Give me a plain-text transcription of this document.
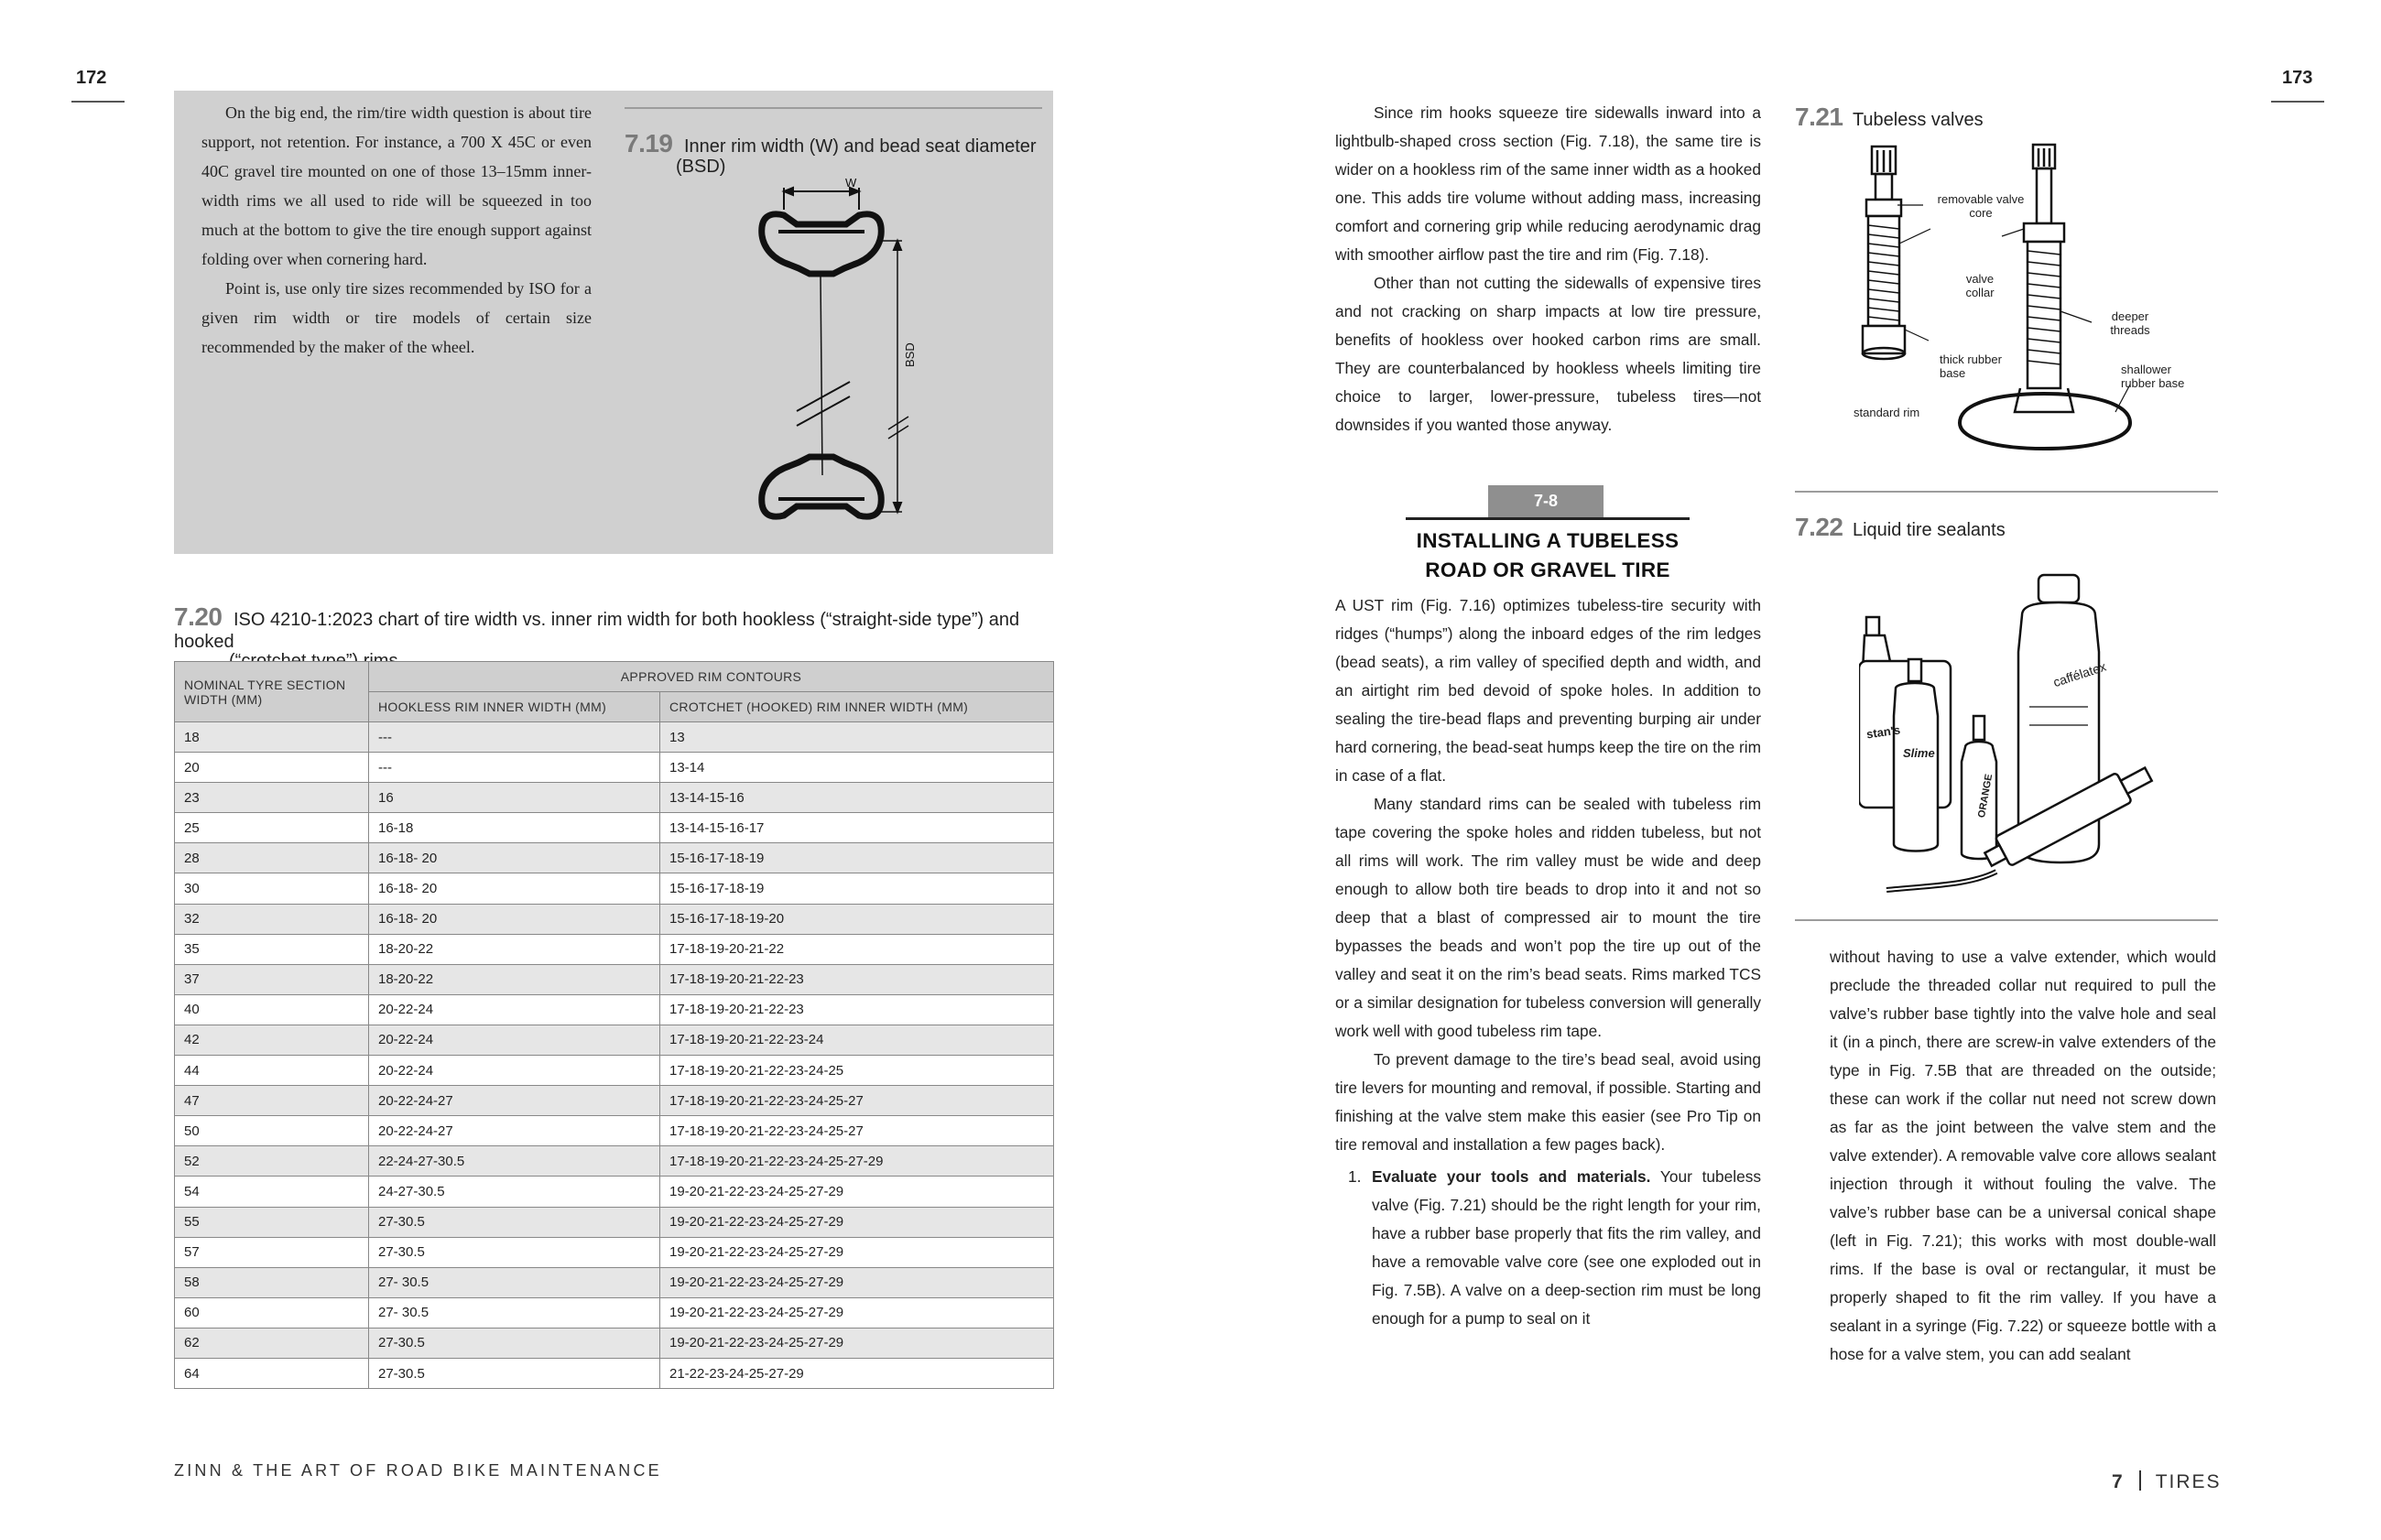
172

On the big end, the rim/tire width question is about tire support, not retention. For instance, a 700 X 45C or even 40C gravel tire mounted on one of those 13–15mm inner-width rims we all used to ride will be squeezed in too much at the bottom to give the tire enough support against folding over when cornering hard.

Point is, use only tire sizes recommended by ISO for a given rim width or tire models of certain size recommended by the maker of the wheel.

7.19 Inner rim width (W) and bead seat diameter
(BSD)
W
BSD
7.20 ISO 4210-1:2023 chart of tire width vs. inner rim width for both hookless (“straight-side type”) and hooked
NOMINAL TYRE SECTION
WIDTH (MM)	APPROVED RIM CONTOURS	
	HOOKLESS RIM INNER WIDTH (MM)	CROTCHET (HOOKED) RIM INNER WIDTH (MM)
18	---	13
20	---	13-14
23	16	13-14-15-16
25	16-18	13-14-15-16-17
28	16-18- 20	15-16-17-18-19
30	16-18- 20	15-16-17-18-19
32	16-18- 20	15-16-17-18-19-20
35	18-20-22	17-18-19-20-21-22
37	18-20-22	17-18-19-20-21-22-23
40	20-22-24	17-18-19-20-21-22-23
42	20-22-24	17-18-19-20-21-22-23-24
44	20-22-24	17-18-19-20-21-22-23-24-25
47	20-22-24-27	17-18-19-20-21-22-23-24-25-27
50	20-22-24-27	17-18-19-20-21-22-23-24-25-27
52	22-24-27-30.5	17-18-19-20-21-22-23-24-25-27-29
54	24-27-30.5	19-20-21-22-23-24-25-27-29
55	27-30.5	19-20-21-22-23-24-25-27-29
57	27-30.5	19-20-21-22-23-24-25-27-29
58	27- 30.5	19-20-21-22-23-24-25-27-29
60	27- 30.5	19-20-21-22-23-24-25-27-29
62	27-30.5	19-20-21-22-23-24-25-27-29
64	27-30.5	21-22-23-24-25-27-29
ZINN & THE ART OF ROAD BIKE MAINTENANCE
173

Since rim hooks squeeze tire sidewalls inward into a lightbulb-shaped cross section (Fig. 7.18), the same tire is wider on a hookless rim of the same inner width as a hooked one. This adds tire volume without adding mass, increasing comfort and cornering grip while reducing aerodynamic drag with smoother airflow past the tire and rim (Fig. 7.18).

Other than not cutting the sidewalls of expensive tires and not cracking on sharp impacts at low tire pressure, benefits of hookless over hooked carbon rims are small. They are counterbalanced by hookless wheels limiting tire choice to larger, lower-pressure, tubeless tires—not downsides if you wanted those anyway.

7-8
INSTALLING A TUBELESS
ROAD OR GRAVEL TIRE

A UST rim (Fig. 7.16) optimizes tubeless-tire security with ridges (“humps”) along the inboard edges of the rim ledges (bead seats), a rim valley of specified depth and width, and an airtight rim bed devoid of spoke holes. In addition to sealing the tire-bead flaps and preventing burping air under hard cornering, the bead-seat humps keep the tire on the rim in case of a flat.

Many standard rims can be sealed with tubeless rim tape covering the spoke holes and ridden tubeless, but not all rims will work. The rim valley must be wide and deep enough to allow both tire beads to drop into it and not so deep that a blast of compressed air to mount the tire bypasses the beads and won’t pop the tire up out of the valley and seat it on the rim’s bead seats. Rims marked TCS or a similar designation for tubeless conversion will generally work well with good tubeless rim tape.

To prevent damage to the tire’s bead seal, avoid using tire levers for mounting and removal, if possible. Starting and finishing at the valve stem make this easier (see Pro Tip on tire removal and installation a few pages back).

1. Evaluate your tools and materials. Your tubeless valve (Fig. 7.21) should be the right length for your rim, have a rubber base properly that fits the rim valley, and have a removable valve core (see one exploded out in Fig. 7.5B). A valve on a deep-section rim must be long enough for a pump to seal on it
7.21 Tubeless valves
removable valve core
valve collar
deeper threads
thick rubber base	shallower rubber base
standard rim
7.22 Liquid tire sealants
caffélatex
stan's
Slime
ORANGE

without having to use a valve extender, which would preclude the threaded collar nut required to pull the valve’s rubber base tightly into the valve hole and seal it (in a pinch, there are screw-in valve extenders of the type in Fig. 7.5B that are threaded on the outside; these can work if the collar nut need not screw down as far as the joint between the valve stem and the valve extender). A removable valve core allows sealant injection through it without fouling the valve. The valve’s rubber base can be a universal conical shape (left in Fig. 7.21); this works with most double-wall rims. If the base is oval or rectangular, it must be properly shaped to fit the rim valley. If you have a sealant in a syringe (Fig. 7.22) or squeeze bottle with a hose for a valve stem, you can add sealant

7 TIRES
